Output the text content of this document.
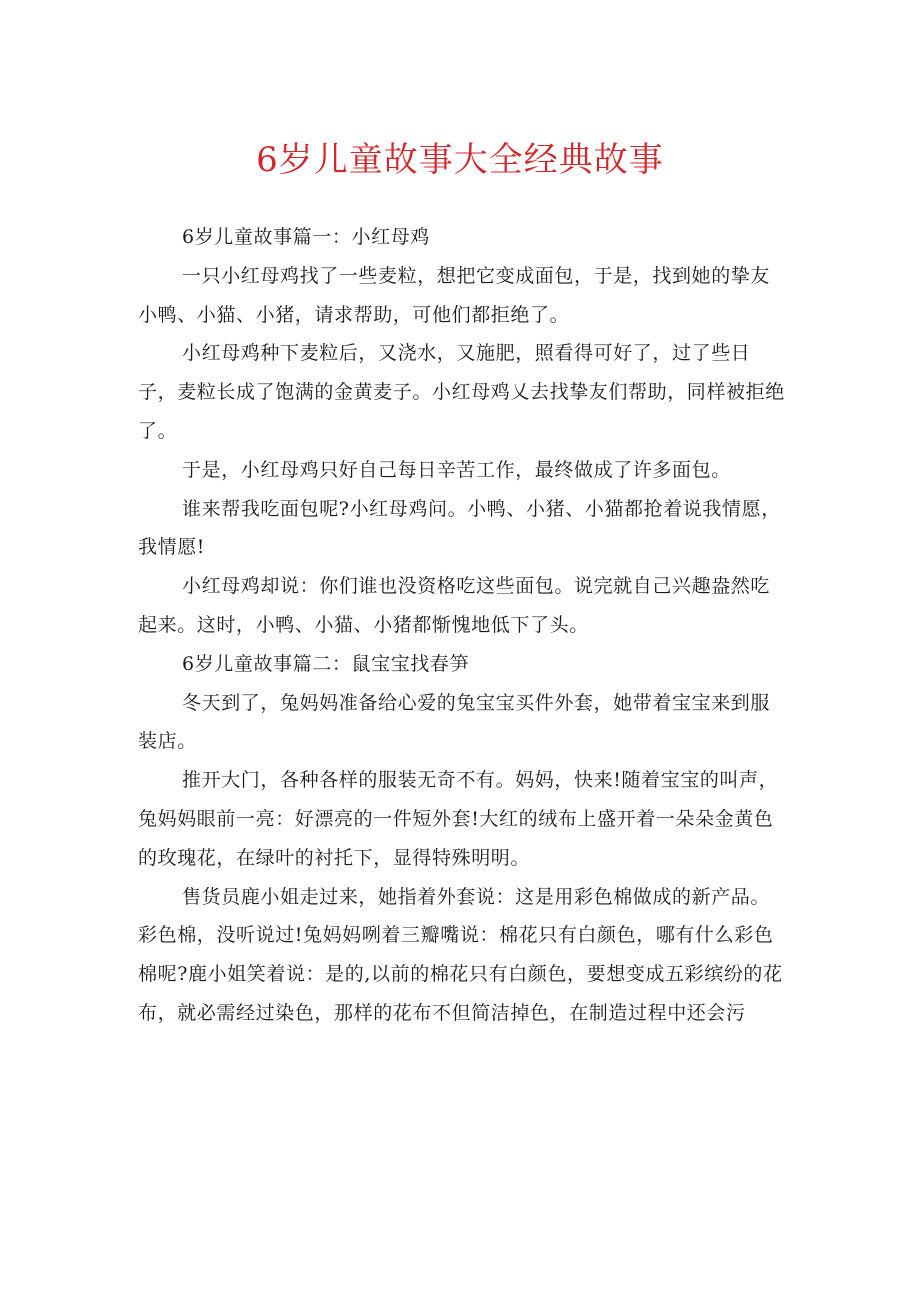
6岁儿童故事大全经典故事

6岁儿童故事篇一：小红母鸡

一只小红母鸡找了一些麦粒，想把它变成面包，于是，找到她的挚友小鸭、小猫、小猪，请求帮助，可他们都拒绝了。

小红母鸡种下麦粒后，又浇水，又施肥，照看得可好了，过了些日子，麦粒长成了饱满的金黄麦子。小红母鸡乂去找挚友们帮助，同样被拒绝了。

于是，小红母鸡只好自己每日辛苦工作，最终做成了许多面包。

谁来帮我吃面包呢?小红母鸡问。小鸭、小猪、小猫都抢着说我情愿，我情愿!

小红母鸡却说：你们谁也没资格吃这些面包。说完就自己兴趣盎然吃起来。这时，小鸭、小猫、小猪都惭愧地低下了头。

6岁儿童故事篇二：鼠宝宝找春笋

冬天到了，兔妈妈准备给心爱的兔宝宝买件外套，她带着宝宝来到服装店。

推开大门，各种各样的服装无奇不有。妈妈，快来!随着宝宝的叫声，兔妈妈眼前一亮：好漂亮的一件短外套!大红的绒布上盛开着一朵朵金黄色的玫瑰花，在绿叶的衬托下，显得特殊明明。

售货员鹿小姐走过来，她指着外套说：这是用彩色棉做成的新产品。彩色棉，没听说过!兔妈妈咧着三瓣嘴说：棉花只有白颜色，哪有什么彩色棉呢?鹿小姐笑着说：是的,以前的棉花只有白颜色，要想变成五彩缤纷的花布，就必需经过染色，那样的花布不但简洁掉色，在制造过程中还会污
